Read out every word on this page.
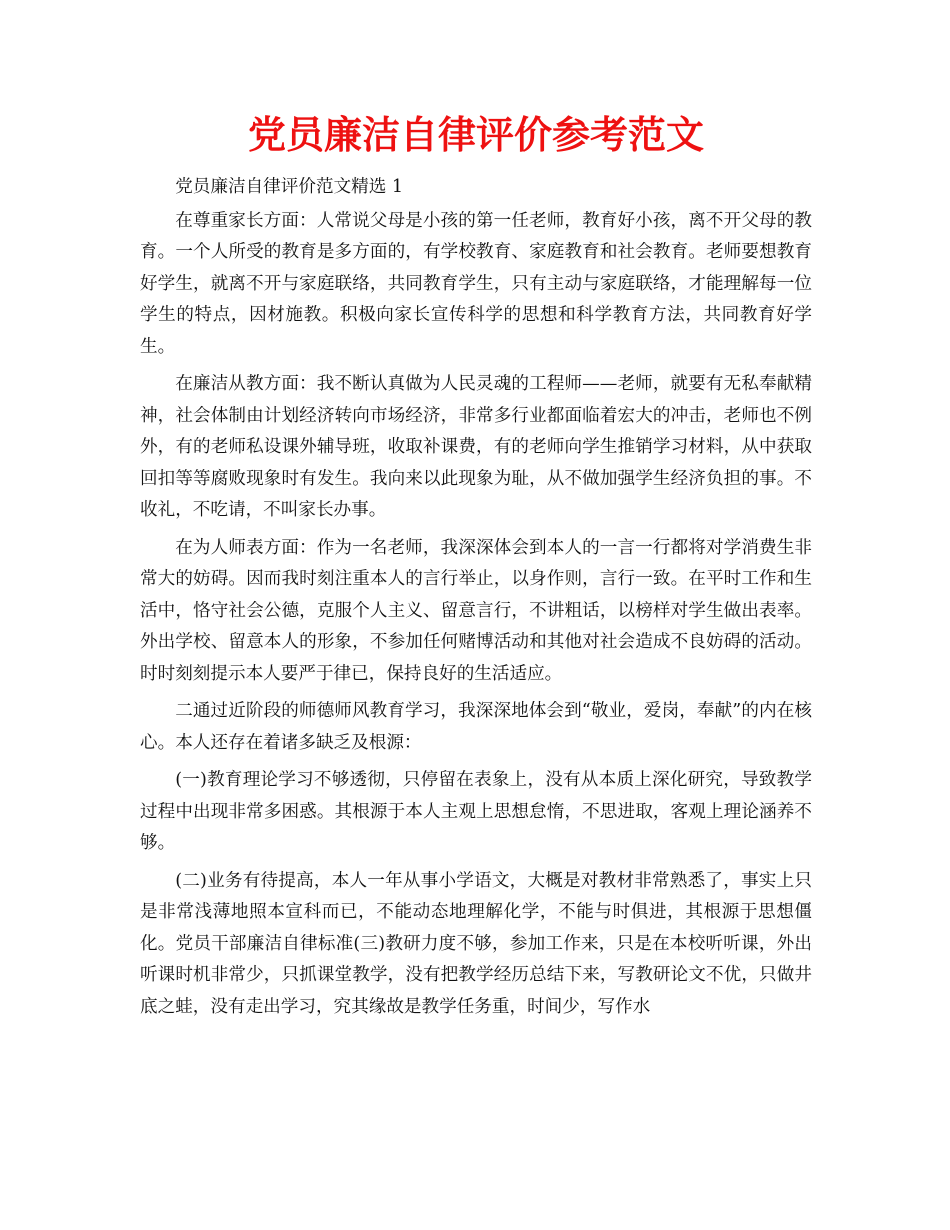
党员廉洁自律评价参考范文

党员廉洁自律评价范文精选 1

在尊重家长方面：人常说父母是小孩的第一任老师，教育好小孩，离不开父母的教育。一个人所受的教育是多方面的，有学校教育、家庭教育和社会教育。老师要想教育好学生，就离不开与家庭联络，共同教育学生，只有主动与家庭联络，才能理解每一位学生的特点，因材施教。积极向家长宣传科学的思想和科学教育方法，共同教育好学生。

在廉洁从教方面：我不断认真做为人民灵魂的工程师——老师，就要有无私奉献精神，社会体制由计划经济转向市场经济，非常多行业都面临着宏大的冲击，老师也不例外，有的老师私设课外辅导班，收取补课费，有的老师向学生推销学习材料，从中获取回扣等等腐败现象时有发生。我向来以此现象为耻，从不做加强学生经济负担的事。不收礼，不吃请，不叫家长办事。

在为人师表方面：作为一名老师，我深深体会到本人的一言一行都将对学消费生非常大的妨碍。因而我时刻注重本人的言行举止，以身作则，言行一致。在平时工作和生活中，恪守社会公德，克服个人主义、留意言行，不讲粗话，以榜样对学生做出表率。外出学校、留意本人的形象，不参加任何赌博活动和其他对社会造成不良妨碍的活动。时时刻刻提示本人要严于律已，保持良好的生活适应。

二通过近阶段的师德师风教育学习，我深深地体会到“敬业，爱岗，奉献”的内在核心。本人还存在着诸多缺乏及根源：

(一)教育理论学习不够透彻，只停留在表象上，没有从本质上深化研究，导致教学过程中出现非常多困惑。其根源于本人主观上思想怠惰，不思进取，客观上理论涵养不够。

(二)业务有待提高，本人一年从事小学语文，大概是对教材非常熟悉了，事实上只是非常浅薄地照本宣科而已，不能动态地理解化学，不能与时俱进，其根源于思想僵化。党员干部廉洁自律标准(三)教研力度不够，参加工作来，只是在本校听听课，外出听课时机非常少，只抓课堂教学，没有把教学经历总结下来，写教研论文不优，只做井底之蛙，没有走出学习，究其缘故是教学任务重，时间少，写作水
